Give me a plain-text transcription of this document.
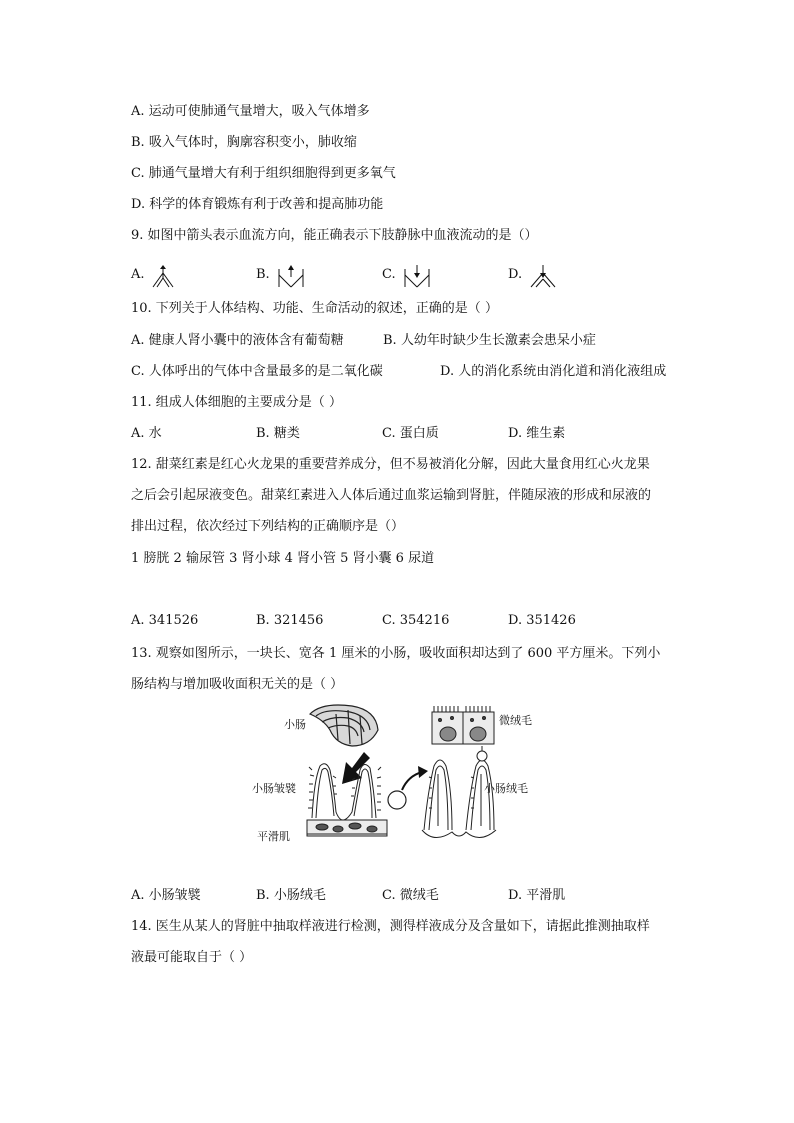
A. 运动可使肺通气量增大，吸入气体增多
B. 吸入气体时，胸廓容积变小，肺收缩
C. 肺通气量增大有利于组织细胞得到更多氧气
D. 科学的体育锻炼有利于改善和提高肺功能
9. 如图中箭头表示血流方向，能正确表示下肢静脉中血液流动的是（）
A.	B.	C.	D.
10. 下列关于人体结构、功能、生命活动的叙述，正确的是（ ）
A. 健康人肾小囊中的液体含有葡萄糖	B. 人幼年时缺少生长激素会患呆小症
C. 人体呼出的气体中含量最多的是二氧化碳	D. 人的消化系统由消化道和消化液组成
11. 组成人体细胞的主要成分是（ ）
A. 水	B. 糖类	C. 蛋白质	D. 维生素
12. 甜菜红素是红心火龙果的重要营养成分，但不易被消化分解，因此大量食用红心火龙果
之后会引起尿液变色。甜菜红素进入人体后通过血浆运输到肾脏，伴随尿液的形成和尿液的
排出过程，依次经过下列结构的正确顺序是（）
1 膀胱 2 输尿管 3 肾小球 4 肾小管 5 肾小囊 6 尿道
A. 341526	B. 321456	C. 354216	D. 351426
13. 观察如图所示，一块长、宽各 1 厘米的小肠，吸收面积却达到了 600 平方厘米。下列小
肠结构与增加吸收面积无关的是（ ）
小肠
小肠皱襞
平滑肌
微绒毛
小肠绒毛
A. 小肠皱襞	B. 小肠绒毛	C. 微绒毛	D. 平滑肌
14. 医生从某人的肾脏中抽取样液进行检测，测得样液成分及含量如下，请据此推测抽取样
液最可能取自于（ ）
